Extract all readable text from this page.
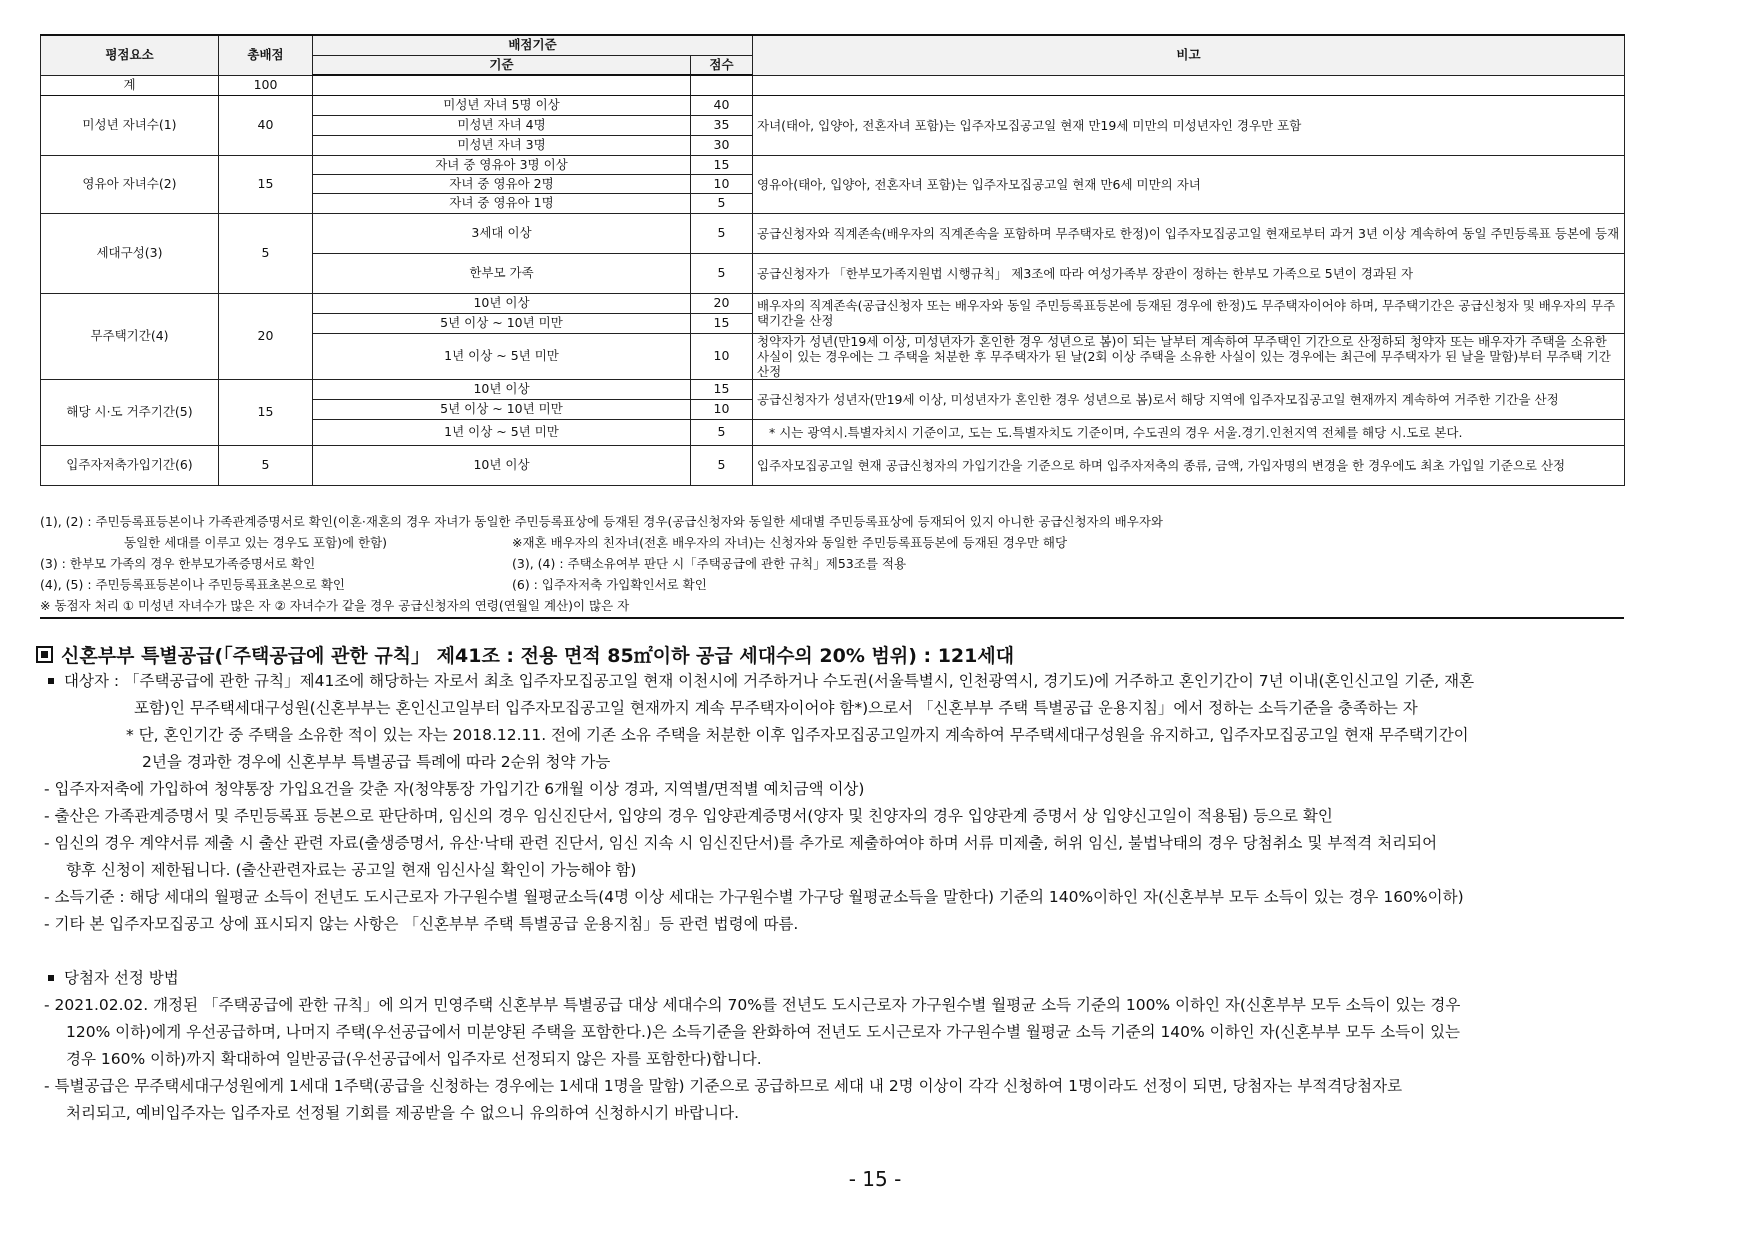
평점요소	총배점	배점기준		비고
		기준	점수	
계	100			
미성년 자녀수(1)	40	미성년 자녀 5명 이상	40	자녀(태아, 입양아, 전혼자녀 포함)는 입주자모집공고일 현재 만19세 미만의 미성년자인 경우만 포함
		미성년 자녀 4명	35	
		미성년 자녀 3명	30	
영유아 자녀수(2)	15	자녀 중 영유아 3명 이상	15	영유아(태아, 입양아, 전혼자녀 포함)는 입주자모집공고일 현재 만6세 미만의 자녀
		자녀 중 영유아 2명	10	
		자녀 중 영유아 1명	5	
세대구성(3)	5	3세대 이상	5	공급신청자와 직계존속(배우자의 직계존속을 포함하며 무주택자로 한정)이 입주자모집공고일 현재로부터 과거 3년 이상 계속하여 동일 주민등록표 등본에 등재
		한부모 가족	5	공급신청자가 「한부모가족지원법 시행규칙」 제3조에 따라 여성가족부 장관이 정하는 한부모 가족으로 5년이 경과된 자
무주택기간(4)	20	10년 이상	20	배우자의 직계존속(공급신청자 또는 배우자와 동일 주민등록표등본에 등재된 경우에 한정)도 무주택자이어야 하며, 무주택기간은 공급신청자 및 배우자의 무주택기간을 산정
		5년 이상 ~ 10년 미만	15	
		1년 이상 ~ 5년 미만	10	청약자가 성년(만19세 이상, 미성년자가 혼인한 경우 성년으로 봄)이 되는 날부터 계속하여 무주택인 기간으로 산정하되 청약자 또는 배우자가 주택을 소유한 사실이 있는 경우에는 그 주택을 처분한 후 무주택자가 된 날(2회 이상 주택을 소유한 사실이 있는 경우에는 최근에 무주택자가 된 날을 말함)부터 무주택 기간 산정
해당 시·도 거주기간(5)	15	10년 이상	15	공급신청자가 성년자(만19세 이상, 미성년자가 혼인한 경우 성년으로 봄)로서 해당 지역에 입주자모집공고일 현재까지 계속하여 거주한 기간을 산정
		5년 이상 ~ 10년 미만	10	
		1년 이상 ~ 5년 미만	5	* 시는 광역시.특별자치시 기준이고, 도는 도.특별자치도 기준이며, 수도권의 경우 서울.경기.인천지역 전체를 해당 시.도로 본다.
입주자저축가입기간(6)	5	10년 이상	5	입주자모집공고일 현재 공급신청자의 가입기간을 기준으로 하며 입주자저축의 종류, 금액, 가입자명의 변경을 한 경우에도 최초 가입일 기준으로 산정
(1), (2) : 주민등록표등본이나 가족관계증명서로 확인(이혼·재혼의 경우 자녀가 동일한 주민등록표상에 등재된 경우(공급신청자와 동일한 세대별 주민등록표상에 등재되어 있지 아니한 공급신청자의 배우자와
동일한 세대를 이루고 있는 경우도 포함)에 한함)	※재혼 배우자의 친자녀(전혼 배우자의 자녀)는 신청자와 동일한 주민등록표등본에 등재된 경우만 해당
(3) : 한부모 가족의 경우 한부모가족증명서로 확인	(3), (4) : 주택소유여부 판단 시「주택공급에 관한 규칙」제53조를 적용
(4), (5) : 주민등록표등본이나 주민등록표초본으로 확인	(6) : 입주자저축 가입확인서로 확인
※ 동점자 처리 ① 미성년 자녀수가 많은 자 ② 자녀수가 같을 경우 공급신청자의 연령(연월일 계산)이 많은 자
신혼부부 특별공급(「주택공급에 관한 규칙」 제41조 : 전용 면적 85㎡이하 공급 세대수의 20% 범위) : 121세대
대상자 : 「주택공급에 관한 규칙」제41조에 해당하는 자로서 최초 입주자모집공고일 현재 이천시에 거주하거나 수도권(서울특별시, 인천광역시, 경기도)에 거주하고 혼인기간이 7년 이내(혼인신고일 기준, 재혼
포함)인 무주택세대구성원(신혼부부는 혼인신고일부터 입주자모집공고일 현재까지 계속 무주택자이어야 함*)으로서 「신혼부부 주택 특별공급 운용지침」에서 정하는 소득기준을 충족하는 자
* 단, 혼인기간 중 주택을 소유한 적이 있는 자는 2018.12.11. 전에 기존 소유 주택을 처분한 이후 입주자모집공고일까지 계속하여 무주택세대구성원을 유지하고, 입주자모집공고일 현재 무주택기간이
2년을 경과한 경우에 신혼부부 특별공급 특례에 따라 2순위 청약 가능
- 입주자저축에 가입하여 청약통장 가입요건을 갖춘 자(청약통장 가입기간 6개월 이상 경과, 지역별/면적별 예치금액 이상)
- 출산은 가족관계증명서 및 주민등록표 등본으로 판단하며, 임신의 경우 임신진단서, 입양의 경우 입양관계증명서(양자 및 친양자의 경우 입양관계 증명서 상 입양신고일이 적용됨) 등으로 확인
- 임신의 경우 계약서류 제출 시 출산 관련 자료(출생증명서, 유산·낙태 관련 진단서, 임신 지속 시 임신진단서)를 추가로 제출하여야 하며 서류 미제출, 허위 임신, 불법낙태의 경우 당첨취소 및 부적격 처리되어
향후 신청이 제한됩니다. (출산관련자료는 공고일 현재 임신사실 확인이 가능해야 함)
- 소득기준 : 해당 세대의 월평균 소득이 전년도 도시근로자 가구원수별 월평균소득(4명 이상 세대는 가구원수별 가구당 월평균소득을 말한다) 기준의 140%이하인 자(신혼부부 모두 소득이 있는 경우 160%이하)
- 기타 본 입주자모집공고 상에 표시되지 않는 사항은 「신혼부부 주택 특별공급 운용지침」등 관련 법령에 따름.
당첨자 선정 방법
- 2021.02.02. 개정된 「주택공급에 관한 규칙」에 의거 민영주택 신혼부부 특별공급 대상 세대수의 70%를 전년도 도시근로자 가구원수별 월평균 소득 기준의 100% 이하인 자(신혼부부 모두 소득이 있는 경우
120% 이하)에게 우선공급하며, 나머지 주택(우선공급에서 미분양된 주택을 포함한다.)은 소득기준을 완화하여 전년도 도시근로자 가구원수별 월평균 소득 기준의 140% 이하인 자(신혼부부 모두 소득이 있는
경우 160% 이하)까지 확대하여 일반공급(우선공급에서 입주자로 선정되지 않은 자를 포함한다)합니다.
- 특별공급은 무주택세대구성원에게 1세대 1주택(공급을 신청하는 경우에는 1세대 1명을 말함) 기준으로 공급하므로 세대 내 2명 이상이 각각 신청하여 1명이라도 선정이 되면, 당첨자는 부적격당첨자로
처리되고, 예비입주자는 입주자로 선정될 기회를 제공받을 수 없으니 유의하여 신청하시기 바랍니다.
- 15 -
